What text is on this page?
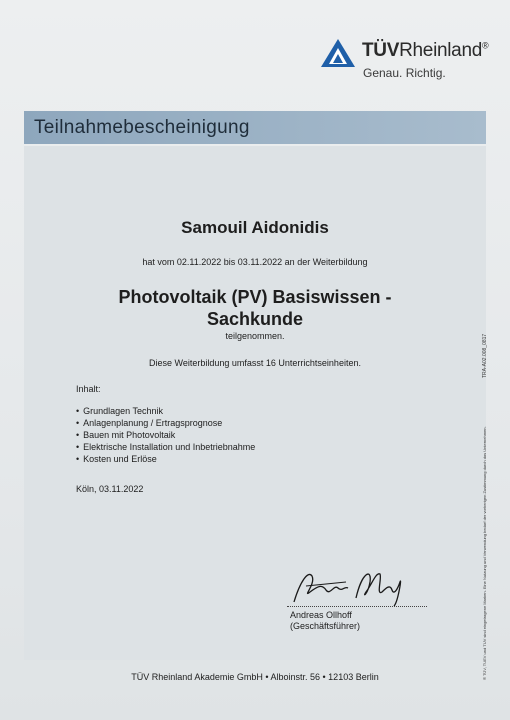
TÜVRheinland®
Genau. Richtig.
Teilnahmebescheinigung
Samouil Aidonidis
hat vom 02.11.2022 bis 03.11.2022 an der Weiterbildung
Photovoltaik (PV) Basiswissen - Sachkunde
teilgenommen.
Diese Weiterbildung umfasst 16 Unterrichtseinheiten.
Inhalt:
• Grundlagen Technik
• Anlagenplanung / Ertragsprognose
• Bauen mit Photovoltaik
• Elektrische Installation und Inbetriebnahme
• Kosten und Erlöse
Köln, 03.11.2022
Andreas Ollhoff
(Geschäftsführer)
TÜV Rheinland Akademie GmbH • Alboinstr. 56 • 12103 Berlin
TRA-A02.008_0817
® TÜV, TUEV und TUV sind eingetragene Marken. Eine Nutzung und Verwendung bedarf der vorherigen Zustimmung durch das Unternehmen.
